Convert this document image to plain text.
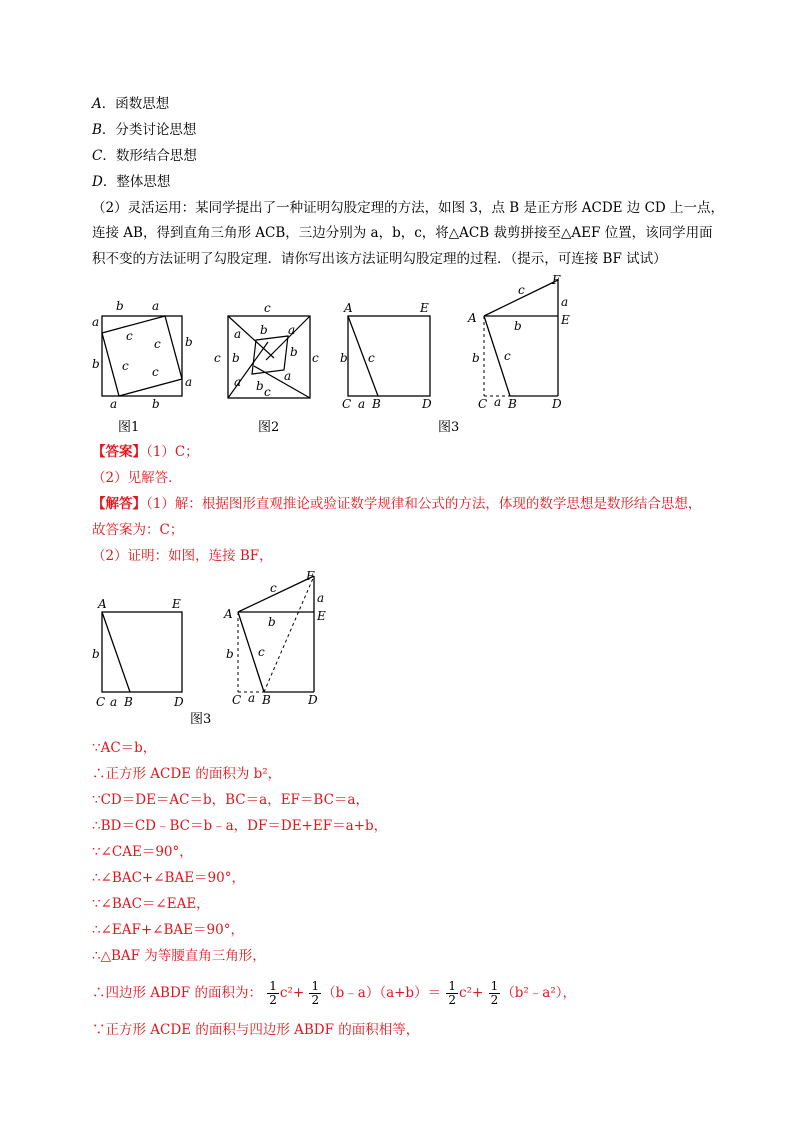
A．函数思想
B．分类讨论思想
C．数形结合思想
D．整体思想
（2）灵活运用：某同学提出了一种证明勾股定理的方法，如图 3，点 B 是正方形 ACDE 边 CD 上一点，
连接 AB，得到直角三角形 ACB，三边分别为 a，b，c，将△ACB 裁剪拼接至△AEF 位置，该同学用面
积不变的方法证明了勾股定理．请你写出该方法证明勾股定理的过程．（提示，可连接 BF 试试）
b a
a
b
b
a
a	b
c
c
c c
图1
c
c	c
c
a b a
b	b
a b
a
图2
A	E
b c
C a B	D
图3
F
c
a
A	E
b
b c
C a B	D
【答案】（1）C；
（2）见解答．
【解答】（1）解：根据图形直观推论或验证数学规律和公式的方法，体现的数学思想是数形结合思想，
故答案为：C；
（2）证明：如图，连接 BF，
A	E
b
C a B	D
图3
F
c
a
A	E
b
b c
C a B	D
∵AC＝b，
∴正方形 ACDE 的面积为 b²，
∵CD＝DE＝AC＝b，BC＝a，EF＝BC＝a，
∴BD＝CD﹣BC＝b﹣a，DF＝DE+EF＝a+b，
∵∠CAE＝90°，
∴∠BAC+∠BAE＝90°，
∵∠BAC＝∠EAE，
∴∠EAF+∠BAE＝90°，
∴△BAF 为等腰直角三角形，
∴四边形 ABDF 的面积为： $\frac{1}{2} c^2+ \frac{1}{2}$ （b﹣a）（a+b）＝ $\frac{1}{2} c^2+ \frac{1}{2}$ （b²﹣a²），
∵正方形 ACDE 的面积与四边形 ABDF 的面积相等，
